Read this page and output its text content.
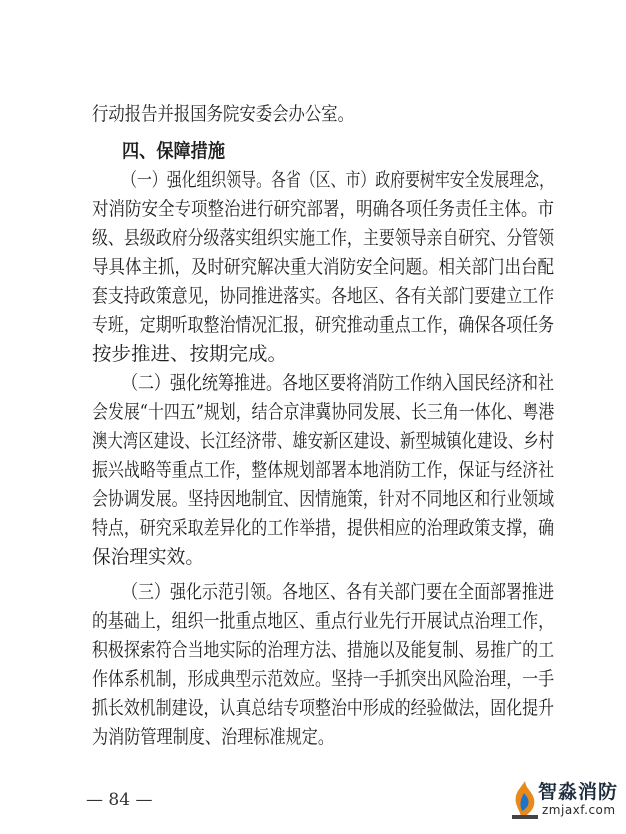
行动报告并报国务院安委会办公室。
四、保障措施
（一）强化组织领导。各省（区、市）政府要树牢安全发展理念，
对消防安全专项整治进行研究部署，明确各项任务责任主体。市
级、县级政府分级落实组织实施工作，主要领导亲自研究、分管领
导具体主抓，及时研究解决重大消防安全问题。相关部门出台配
套支持政策意见，协同推进落实。各地区、各有关部门要建立工作
专班，定期听取整治情况汇报，研究推动重点工作，确保各项任务
按步推进、按期完成。
（二）强化统筹推进。各地区要将消防工作纳入国民经济和社
会发展“十四五”规划，结合京津冀协同发展、长三角一体化、粤港
澳大湾区建设、长江经济带、雄安新区建设、新型城镇化建设、乡村
振兴战略等重点工作，整体规划部署本地消防工作，保证与经济社
会协调发展。坚持因地制宜、因情施策，针对不同地区和行业领域
特点，研究采取差异化的工作举措，提供相应的治理政策支撑，确
保治理实效。
（三）强化示范引领。各地区、各有关部门要在全面部署推进
的基础上，组织一批重点地区、重点行业先行开展试点治理工作，
积极探索符合当地实际的治理方法、措施以及能复制、易推广的工
作体系机制，形成典型示范效应。坚持一手抓突出风险治理，一手
抓长效机制建设，认真总结专项整治中形成的经验做法，固化提升
为消防管理制度、治理标准规定。
— 84 —	智淼消防
zmjaxf.com
